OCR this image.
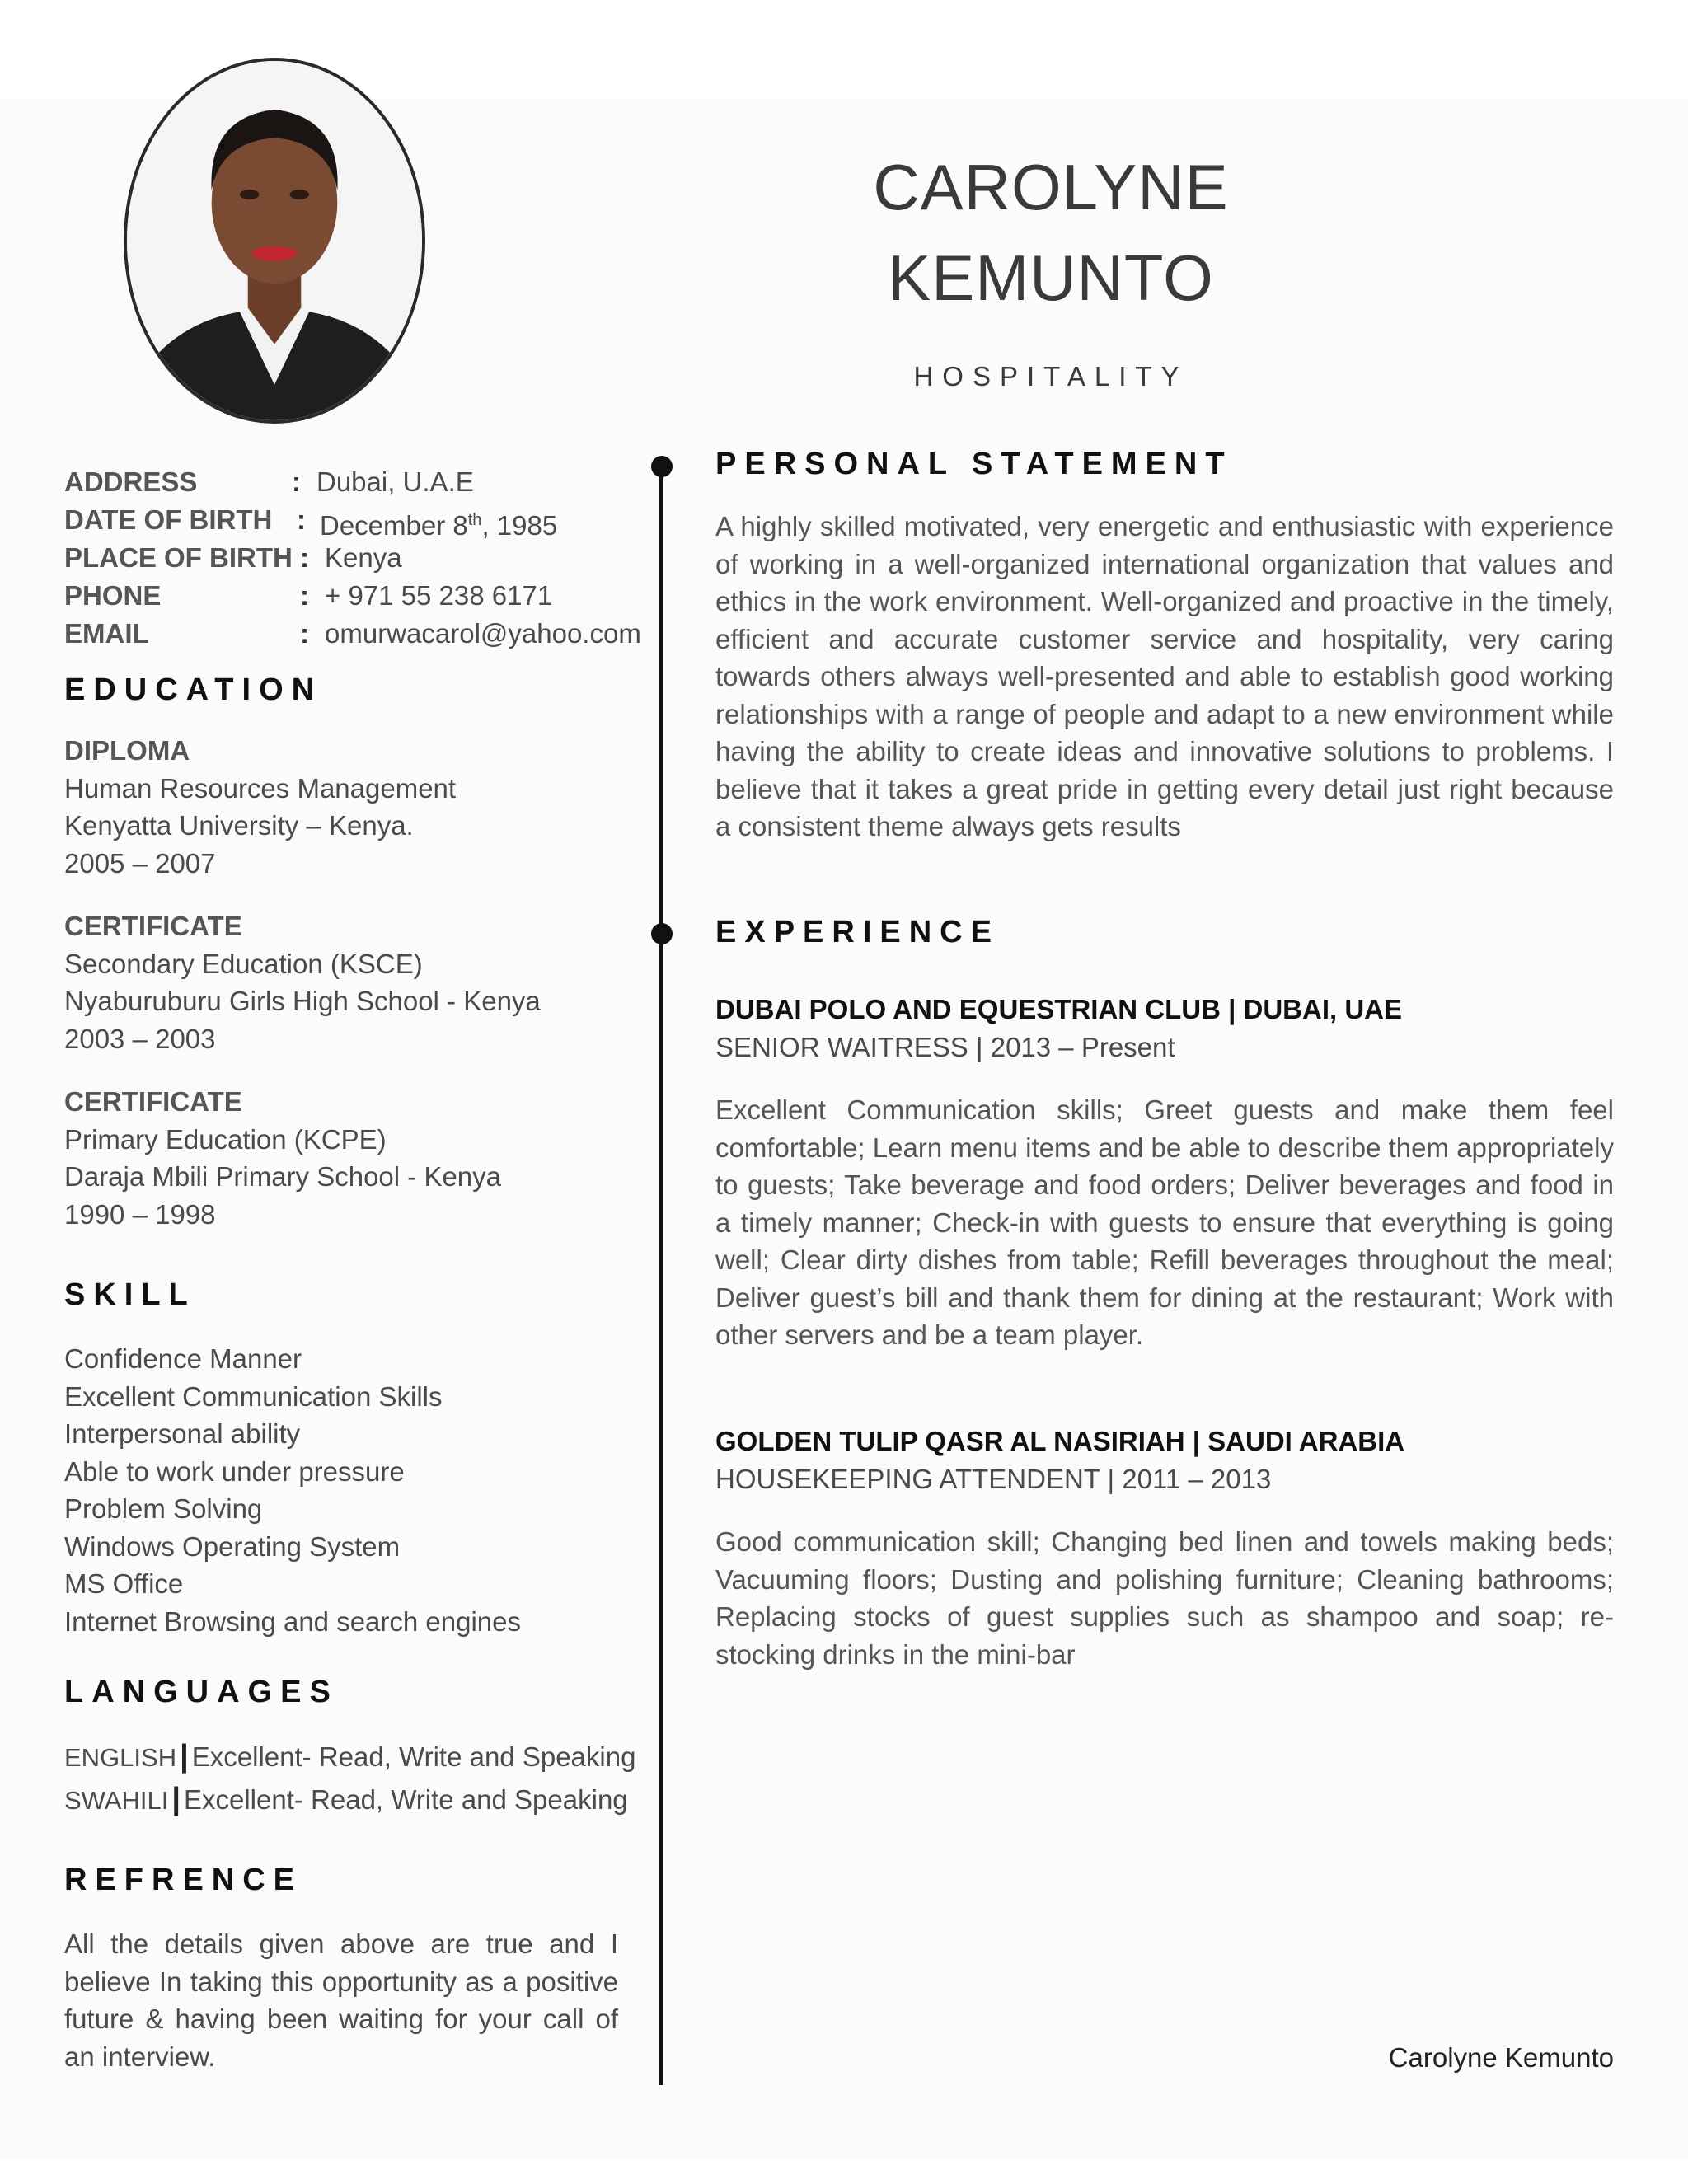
CAROLYNE
KEMUNTO
HOSPITALITY
ADDRESS	: Dubai, U.A.E
DATE OF BIRTH : December 8th, 1985
PLACE OF BIRTH : Kenya
PHONE	: + 971 55 238 6171
EMAIL	: omurwacarol@yahoo.com
EDUCATION
DIPLOMA
Human Resources Management
Kenyatta University – Kenya.
2005 – 2007
CERTIFICATE
Secondary Education (KSCE)
Nyaburuburu Girls High School - Kenya
2003 – 2003
CERTIFICATE
Primary Education (KCPE)
Daraja Mbili Primary School - Kenya
1990 – 1998
SKILL
Confidence Manner
Excellent Communication Skills
Interpersonal ability
Able to work under pressure
Problem Solving
Windows Operating System
MS Office
Internet Browsing and search engines
LANGUAGES
ENGLISH | Excellent- Read, Write and Speaking
SWAHILI | Excellent- Read, Write and Speaking
REFRENCE
All the details given above are true and I believe In taking this opportunity as a positive future & having been waiting for your call of an interview.
PERSONAL STATEMENT
A highly skilled motivated, very energetic and enthusiastic with experience of working in a well-organized international organization that values and ethics in the work environment. Well-organized and proactive in the timely, efficient and accurate customer service and hospitality, very caring towards others always well-presented and able to establish good working relationships with a range of people and adapt to a new environment while having the ability to create ideas and innovative solutions to problems. I believe that it takes a great pride in getting every detail just right because a consistent theme always gets results
EXPERIENCE
DUBAI POLO AND EQUESTRIAN CLUB | DUBAI, UAE
SENIOR WAITRESS | 2013 – Present
Excellent Communication skills; Greet guests and make them feel comfortable; Learn menu items and be able to describe them appropriately to guests; Take beverage and food orders; Deliver beverages and food in a timely manner; Check-in with guests to ensure that everything is going well; Clear dirty dishes from table; Refill beverages throughout the meal; Deliver guest’s bill and thank them for dining at the restaurant; Work with other servers and be a team player.
GOLDEN TULIP QASR AL NASIRIAH | SAUDI ARABIA
HOUSEKEEPING ATTENDENT | 2011 – 2013
Good communication skill; Changing bed linen and towels making beds; Vacuuming floors; Dusting and polishing furniture; Cleaning bathrooms; Replacing stocks of guest supplies such as shampoo and soap; re-stocking drinks in the mini-bar
Carolyne Kemunto
